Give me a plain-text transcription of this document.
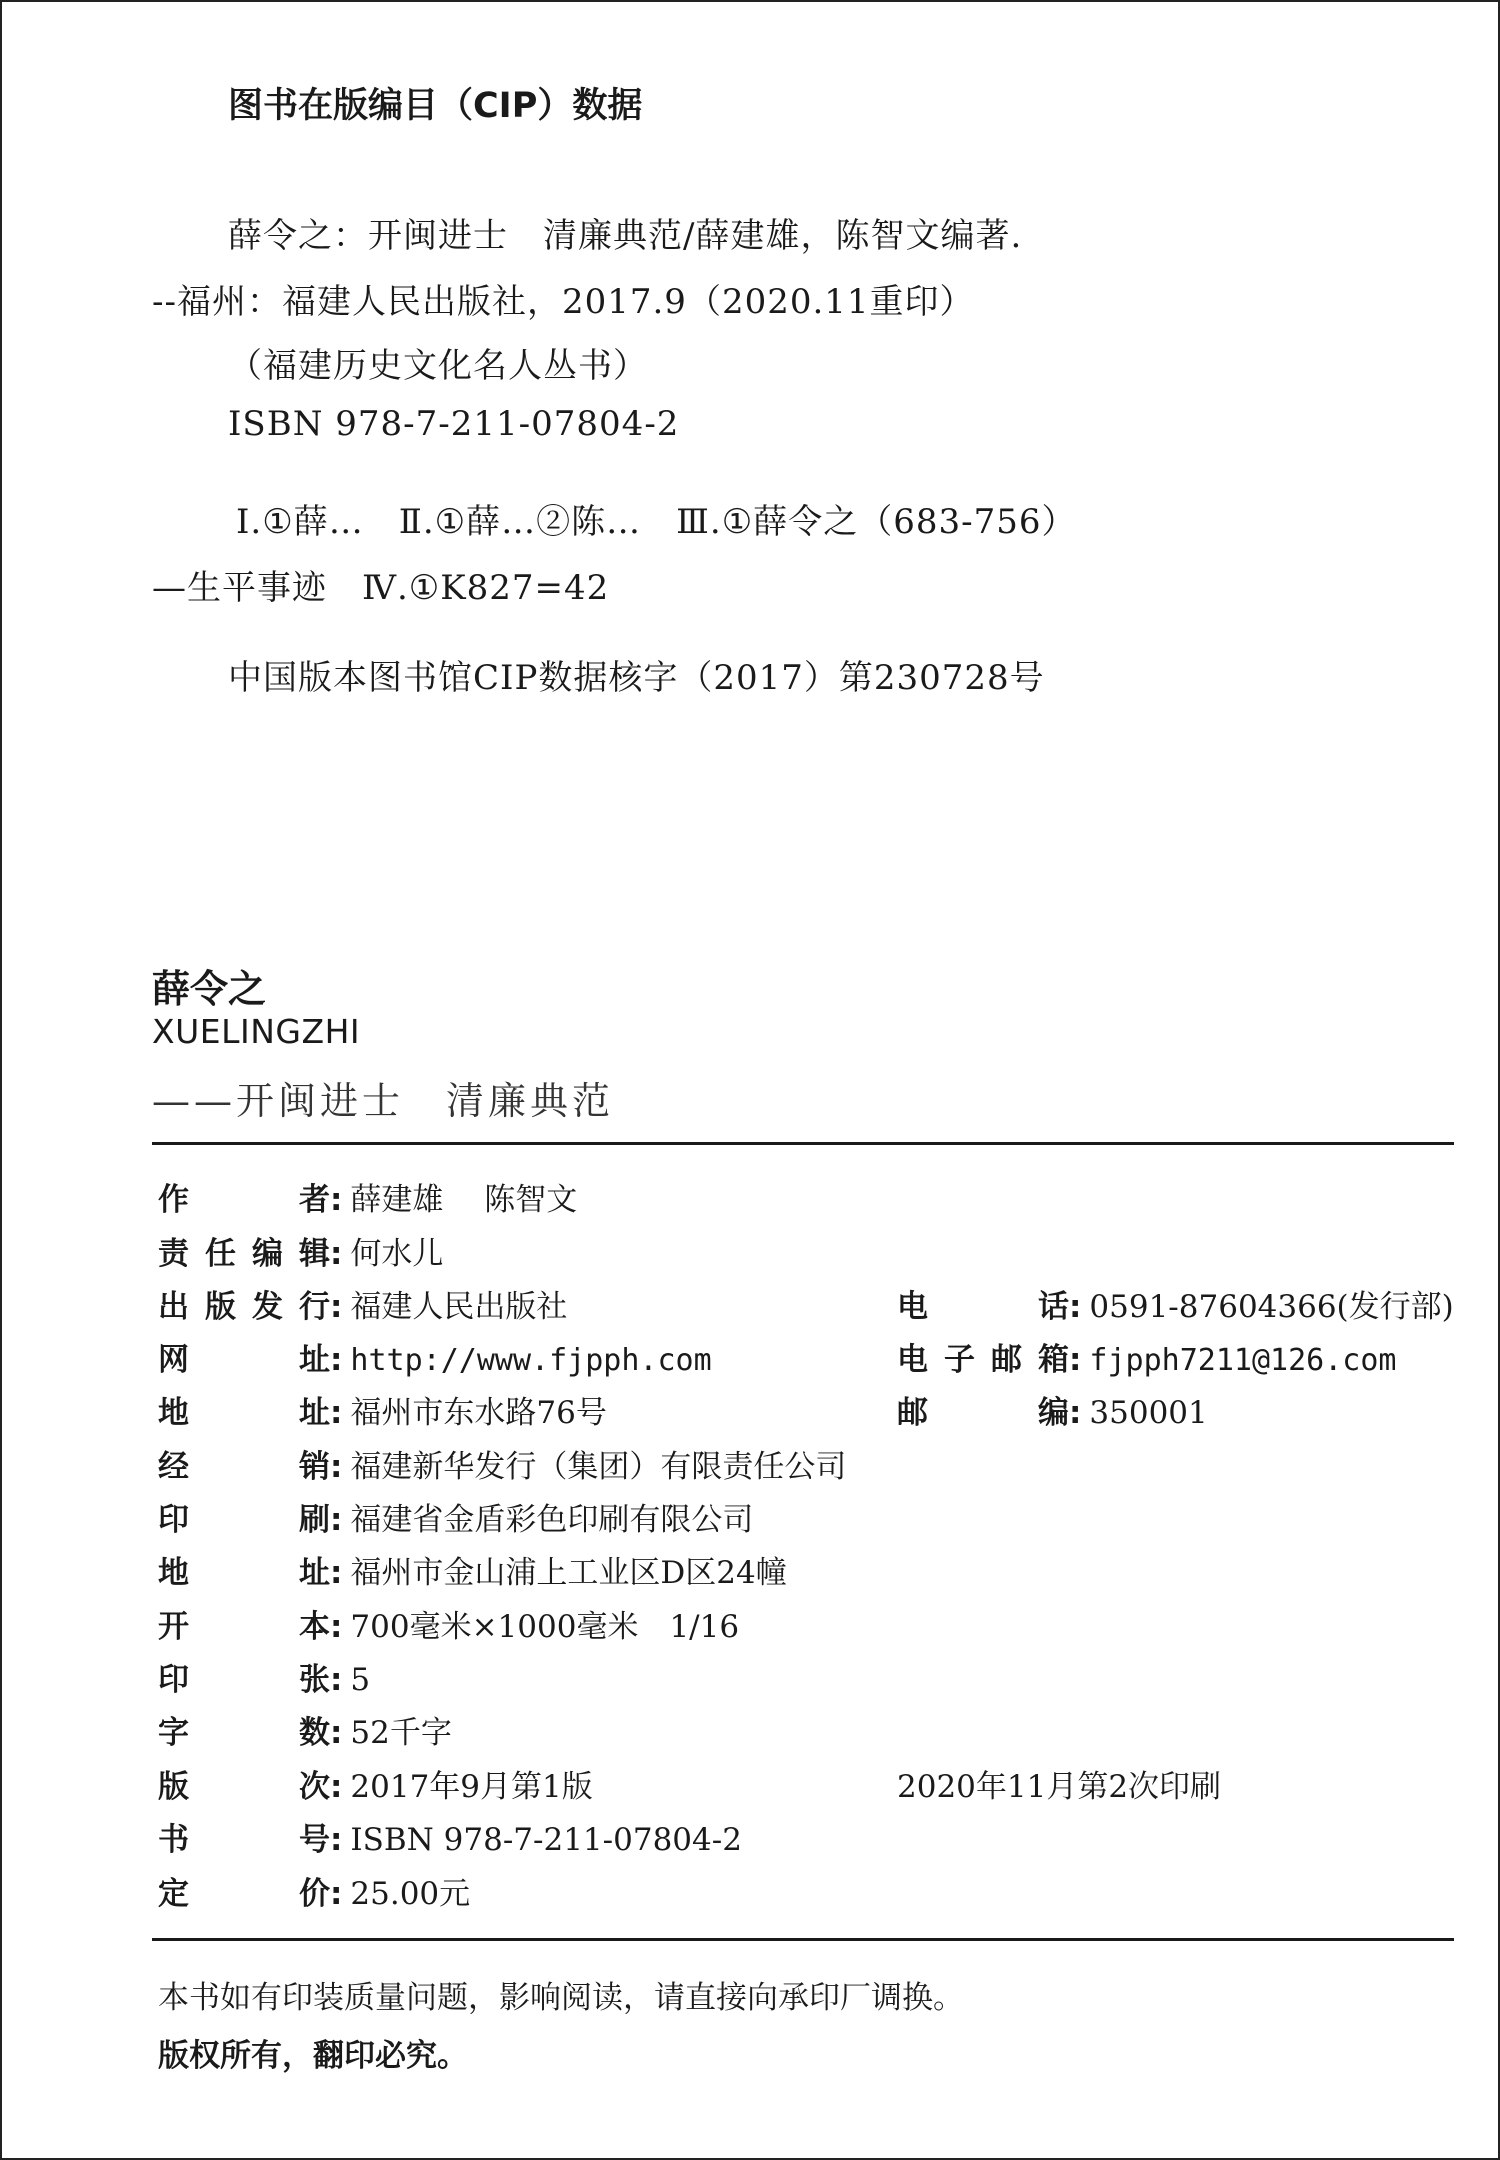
图书在版编目（CIP）数据
薛令之：开闽进士　清廉典范/薛建雄，陈智文编著.
--福州：福建人民出版社，2017.9（2020.11重印）
（福建历史文化名人丛书）
ISBN 978-7-211-07804-2
Ⅰ.①薛…　Ⅱ.①薛…②陈…　Ⅲ.①薛令之（683-756）
—生平事迹　Ⅳ.①K827=42
中国版本图书馆CIP数据核字（2017）第230728号
薛令之
XUELINGZHI
——开闽进士　清廉典范
作者 : 薛建雄　 陈智文
责任编辑 : 何水儿
出版发行 : 福建人民出版社
网址 : http://www.fjpph.com
地址 : 福州市东水路76号
经销 : 福建新华发行（集团）有限责任公司
印刷 : 福建省金盾彩色印刷有限公司
地址 : 福州市金山浦上工业区D区24幢
开本 : 700毫米×1000毫米　1/16
印张 : 5
字数 : 52千字
版次 : 2017年9月第1版
书号 : ISBN 978-7-211-07804-2
定价 : 25.00元
电话 : 0591-87604366(发行部)
电子邮箱 : fjpph7211@126.com
邮编 : 350001
2020年11月第2次印刷
本书如有印装质量问题，影响阅读，请直接向承印厂调换。
版权所有，翻印必究。
